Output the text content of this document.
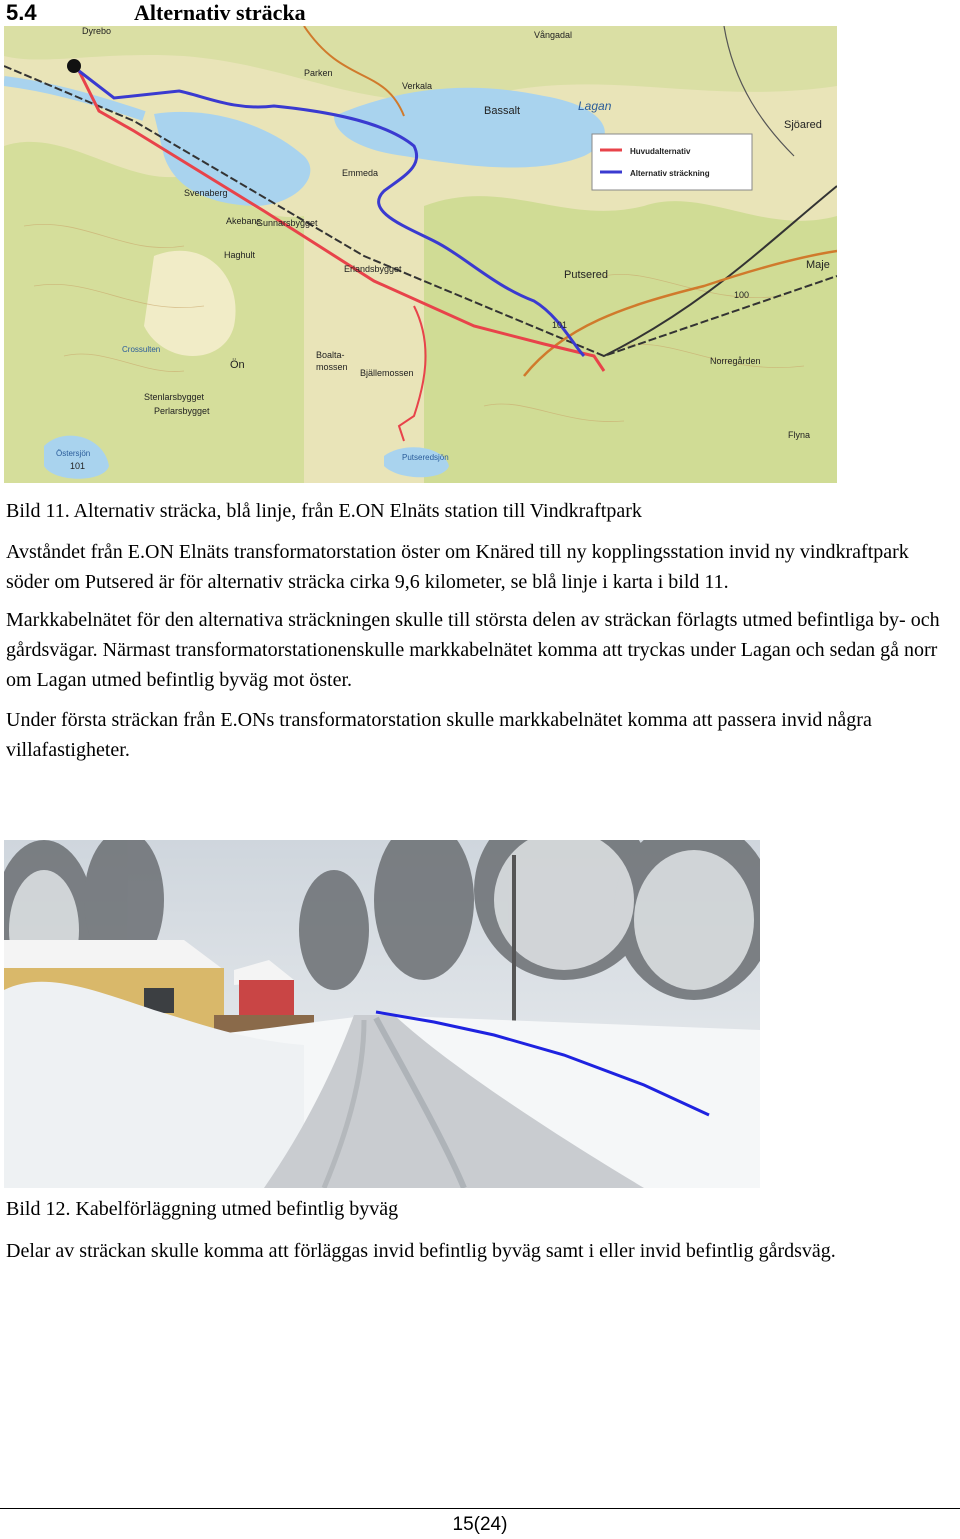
5.4	Alternativ sträcka
Huvudalternativ
Alternativ sträckning
Dyrebo
Parken
Vångadal
Verkala
Bassalt	Lagan
Sjöared
Emmeda
Svenaberg
Akebans
Gunnarsbygget
Haghult
Erlandsbygget	Putsered
Maje
101
100
Crossulten
Boalta-
mossen
Ön
Bjällemossen
Stenlarsbygget
Perlarsbygget
Östersjön
101
Norregården
Flyna
Putseredsjön
Bild 11. Alternativ sträcka, blå linje, från E.ON Elnäts station till Vindkraftpark

Avståndet från E.ON Elnäts transformatorstation öster om Knäred till ny kopplingsstation invid ny vindkraftpark söder om Putsered är för alternativ sträcka cirka 9,6 kilometer, se blå linje i karta i bild 11.

Markkabelnätet för den alternativa sträckningen skulle till största delen av sträckan förlagts utmed befintliga by- och gårdsvägar. Närmast transformatorstationenskulle markkabelnätet komma att tryckas under Lagan och sedan gå norr om Lagan utmed befintlig byväg mot öster.

Under första sträckan från E.ONs transformatorstation skulle markkabelnätet komma att passera invid några villafastigheter.

Bild 12. Kabelförläggning utmed befintlig byväg
Delar av sträckan skulle komma att förläggas invid befintlig byväg samt i eller invid befintlig gårdsväg.
15(24)
